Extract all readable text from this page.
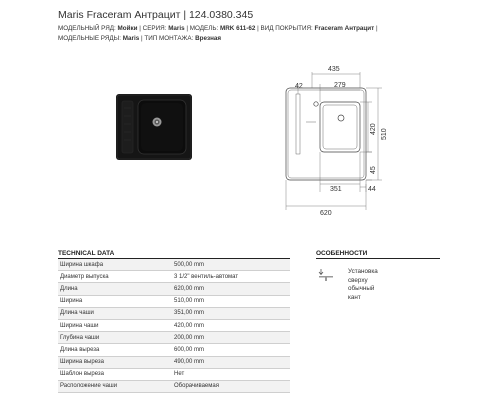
Maris Fraceram Антрацит | 124.0380.345
МОДЕЛЬНЫЙ РЯД: Мойки | СЕРИЯ: Maris | МОДЕЛЬ: MRK 611-62 | ВИД ПОКРЫТИЯ: Fraceram Антрацит |
МОДЕЛЬНЫЕ РЯДЫ: Maris | ТИП МОНТАЖА: Врезная
435
279
42
510
420
45
351	44
620
TECHNICAL DATA
Ширина шкафа	500,00 mm
Диаметр выпуска	3 1/2" вентиль-автомат
Длина	620,00 mm
Ширина	510,00 mm
Длина чаши	351,00 mm
Ширина чаши	420,00 mm
Глубина чаши	200,00 mm
Длина выреза	600,00 mm
Ширина выреза	490,00 mm
Шаблон выреза	Нет
Расположение чаши	Оборачиваемая
ОСОБЕННОСТИ
Установка
сверху
обычный
кант
